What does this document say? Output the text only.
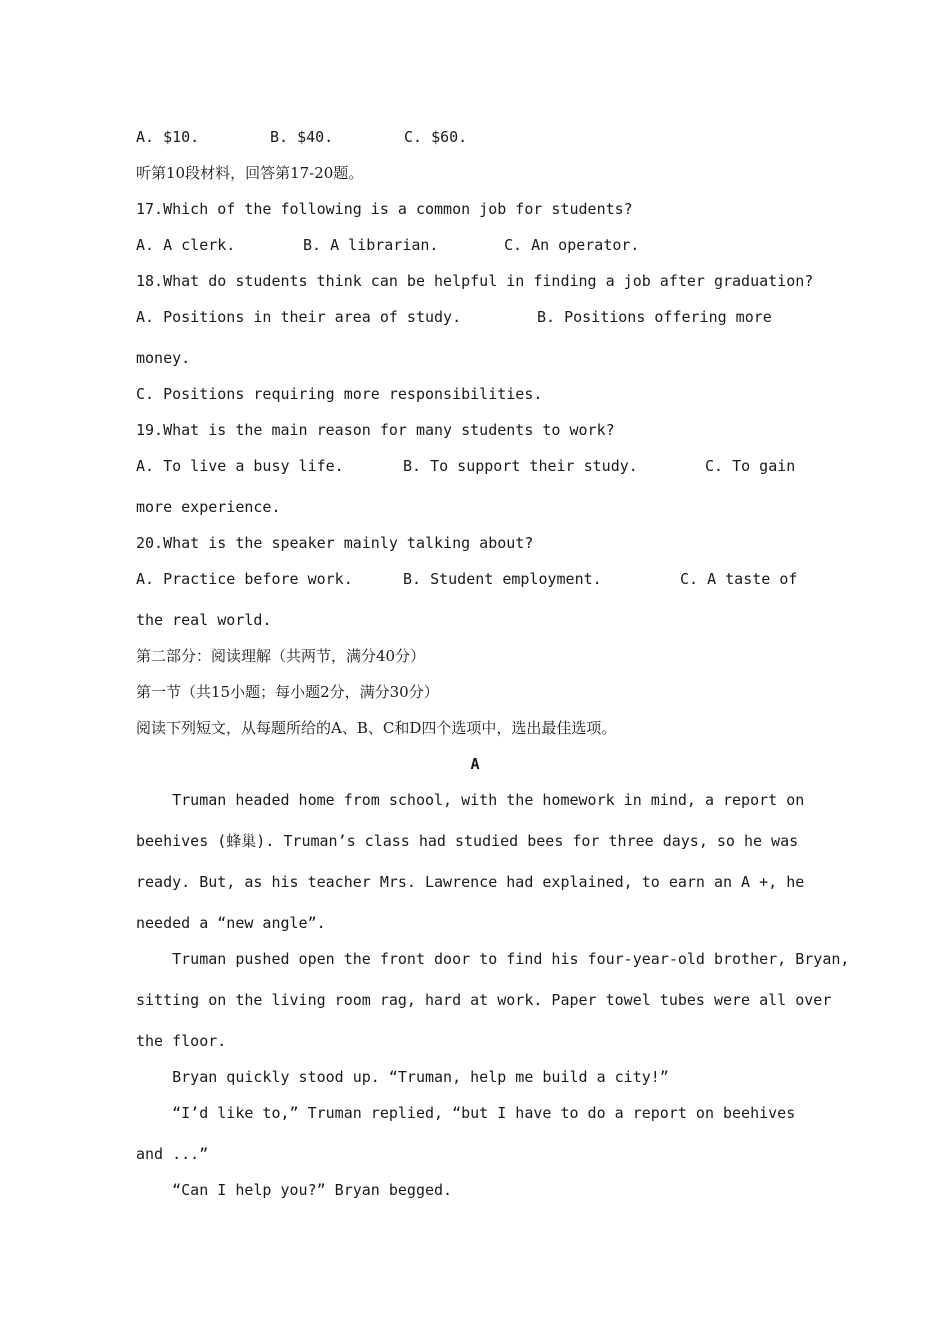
A. $10.	B. $40.	C. $60.
听第10段材料，回答第17-20题。
17.Which of the following is a common job for students?
A. A clerk.	B. A librarian.	C. An operator.
18.What do students think can be helpful in finding a job after graduation?
A. Positions in their area of study.	B. Positions offering more
money.
C. Positions requiring more responsibilities.
19.What is the main reason for many students to work?
A. To live a busy life.	B. To support their study.	C. To gain
more experience.
20.What is the speaker mainly talking about?
A. Practice before work.	B. Student employment.	C. A taste of
the real world.
第二部分：阅读理解（共两节，满分40分）
第一节（共15小题；每小题2分，满分30分）
阅读下列短文，从每题所给的A、B、C和D四个选项中，选出最佳选项。
A
Truman headed home from school, with the homework in mind, a report on
beehives (蜂巢). Truman’s class had studied bees for three days, so he was
ready. But, as his teacher Mrs. Lawrence had explained, to earn an A +, he
needed a “new angle”.
Truman pushed open the front door to find his four-year-old brother, Bryan,
sitting on the living room rag, hard at work. Paper towel tubes were all over
the floor.
Bryan quickly stood up. “Truman, help me build a city!”
“I’d like to,” Truman replied, “but I have to do a report on beehives
and ...”
“Can I help you?” Bryan begged.
